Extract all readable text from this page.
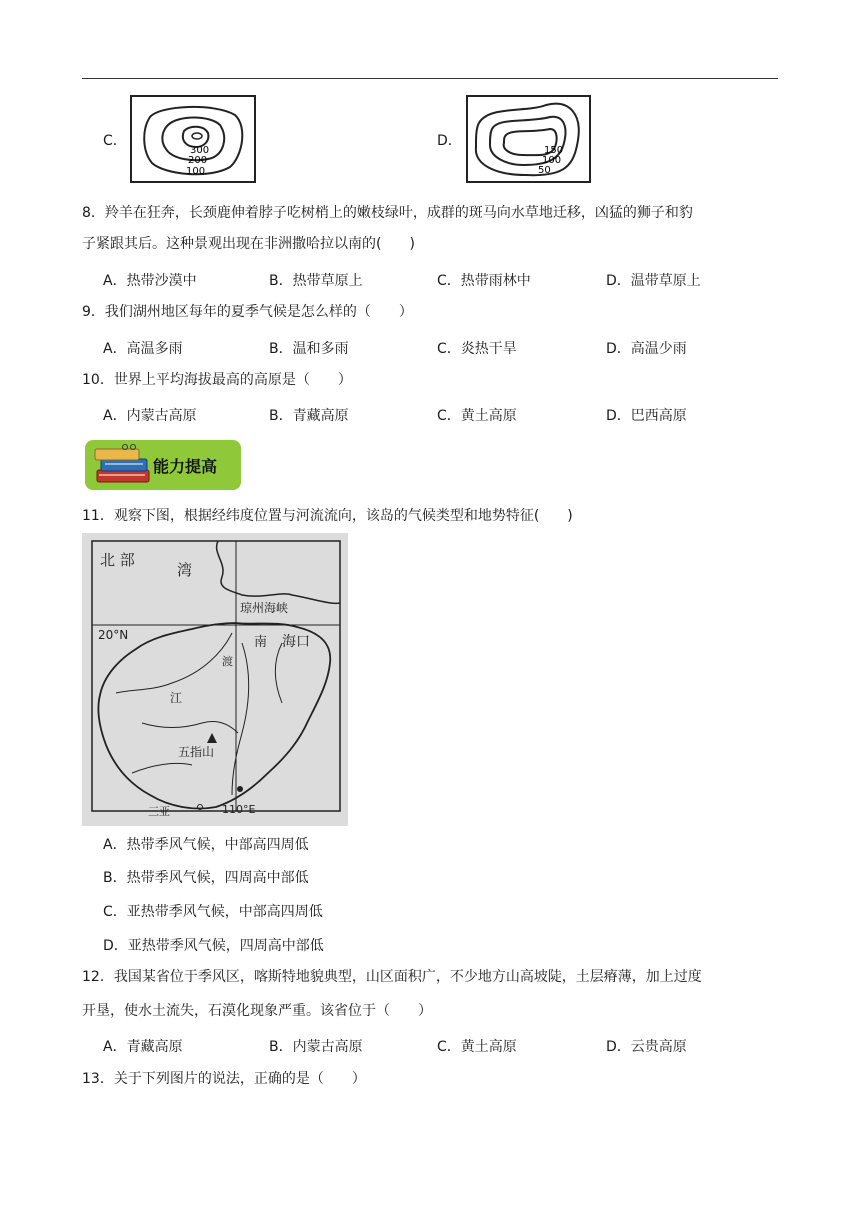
C．
300
200
100
D．
150
100
50
8．羚羊在狂奔，长颈鹿伸着脖子吃树梢上的嫩枝绿叶，成群的斑马向水草地迁移，凶猛的狮子和豹
子紧跟其后。这种景观出现在非洲撒哈拉以南的(　　)
A．热带沙漠中	B．热带草原上	C．热带雨林中	D．温带草原上
9．我们湖州地区每年的夏季气候是怎么样的（　　）
A．高温多雨	B．温和多雨	C．炎热干旱	D．高温少雨
10．世界上平均海拔最高的高原是（　　）
A．内蒙古高原	B．青藏高原	C．黄土高原	D．巴西高原
能力提高
11．观察下图，根据经纬度位置与河流流向，该岛的气候类型和地势特征(　　)
北 部
湾
琼州海峡
20°N	南 海口
渡
江
五指山
三亚	110°E
A．热带季风气候，中部高四周低
B．热带季风气候，四周高中部低
C．亚热带季风气候，中部高四周低
D．亚热带季风气候，四周高中部低
12．我国某省位于季风区，喀斯特地貌典型，山区面积广，不少地方山高坡陡，土层瘠薄，加上过度
开垦，使水土流失，石漠化现象严重。该省位于（　　）
A．青藏高原	B．内蒙古高原	C．黄土高原	D．云贵高原
13．关于下列图片的说法，正确的是（　　）
